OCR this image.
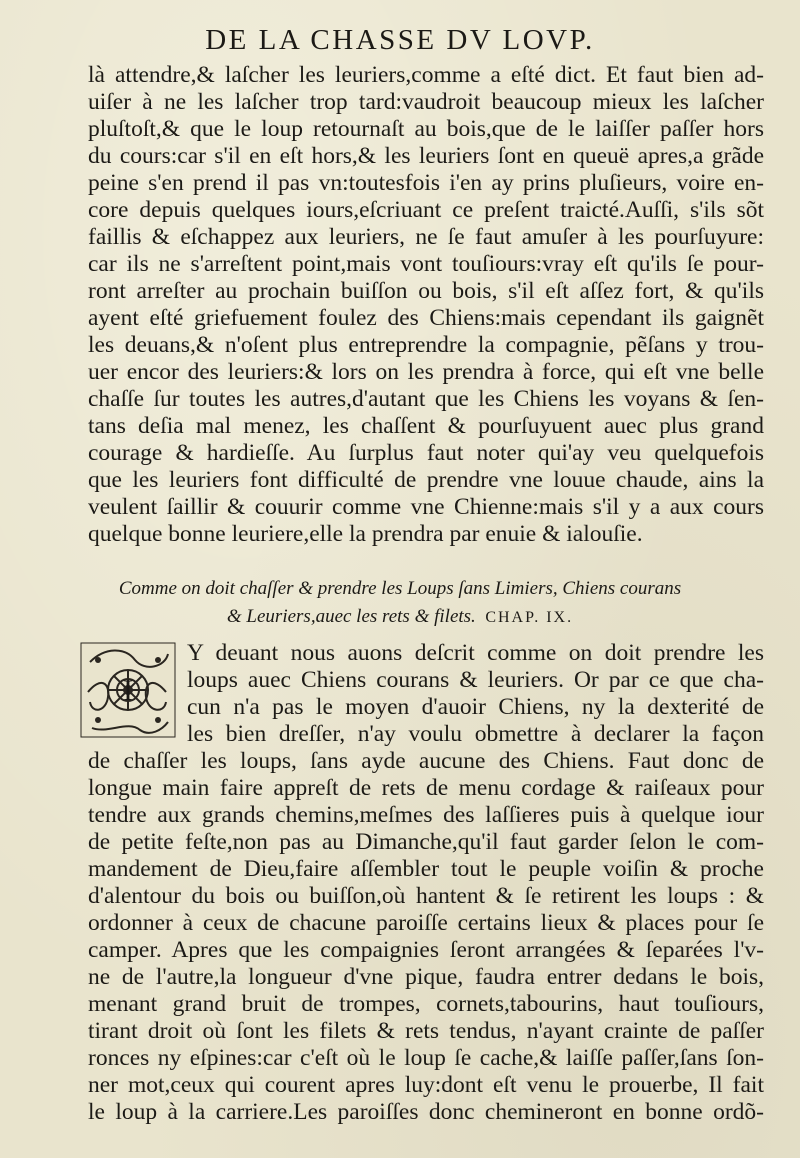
DE LA CHASSE DV LOVP.
là attendre,& laſcher les leuriers,comme a eſté dict. Et faut bien ad-
uiſer à ne les laſcher trop tard:vaudroit beaucoup mieux les laſcher
pluſtoſt,& que le loup retournaſt au bois,que de le laiſſer paſſer hors
du cours:car s'il en eſt hors,& les leuriers ſont en queuë apres,a grãde
peine s'en prend il pas vn:toutesfois i'en ay prins pluſieurs, voire en-
core depuis quelques iours,eſcriuant ce preſent traicté.Auſſi, s'ils sõt
faillis & eſchappez aux leuriers, ne ſe faut amuſer à les pourſuyure:
car ils ne s'arreſtent point,mais vont touſiours:vray eſt qu'ils ſe pour-
ront arreſter au prochain buiſſon ou bois, s'il eſt aſſez fort, & qu'ils
ayent eſté griefuement foulez des Chiens:mais cependant ils gaignẽt
les deuans,& n'oſent plus entreprendre la compagnie, pẽſans y trou-
uer encor des leuriers:& lors on les prendra à force, qui eſt vne belle
chaſſe ſur toutes les autres,d'autant que les Chiens les voyans & ſen-
tans deſia mal menez, les chaſſent & pourſuyuent auec plus grand
courage & hardieſſe. Au ſurplus faut noter qui'ay veu quelquefois
que les leuriers font difficulté de prendre vne louue chaude, ains la
veulent ſaillir & couurir comme vne Chienne:mais s'il y a aux cours
quelque bonne leuriere,elle la prendra par enuie & ialouſie.
Comme on doit chaſſer & prendre les Loups ſans Limiers, Chiens courans
& Leuriers,auec les rets & filets. CHAP. IX.
I
Y deuant nous auons deſcrit comme on doit prendre les
loups auec Chiens courans & leuriers. Or par ce que cha-
cun n'a pas le moyen d'auoir Chiens, ny la dexterité de
les bien dreſſer, n'ay voulu obmettre à declarer la façon
de chaſſer les loups, ſans ayde aucune des Chiens. Faut donc de
longue main faire appreſt de rets de menu cordage & raiſeaux pour
tendre aux grands chemins,meſmes des laſſieres puis à quelque iour
de petite feſte,non pas au Dimanche,qu'il faut garder ſelon le com-
mandement de Dieu,faire aſſembler tout le peuple voiſin & proche
d'alentour du bois ou buiſſon,où hantent & ſe retirent les loups : &
ordonner à ceux de chacune paroiſſe certains lieux & places pour ſe
camper. Apres que les compaignies ſeront arrangées & ſeparées l'v-
ne de l'autre,la longueur d'vne pique, faudra entrer dedans le bois,
menant grand bruit de trompes, cornets,tabourins, haut touſiours,
tirant droit où ſont les filets & rets tendus, n'ayant crainte de paſſer
ronces ny eſpines:car c'eſt où le loup ſe cache,& laiſſe paſſer,ſans ſon-
ner mot,ceux qui courent apres luy:dont eſt venu le prouerbe, Il fait
le loup à la carriere.Les paroiſſes donc chemineront en bonne ordõ-
